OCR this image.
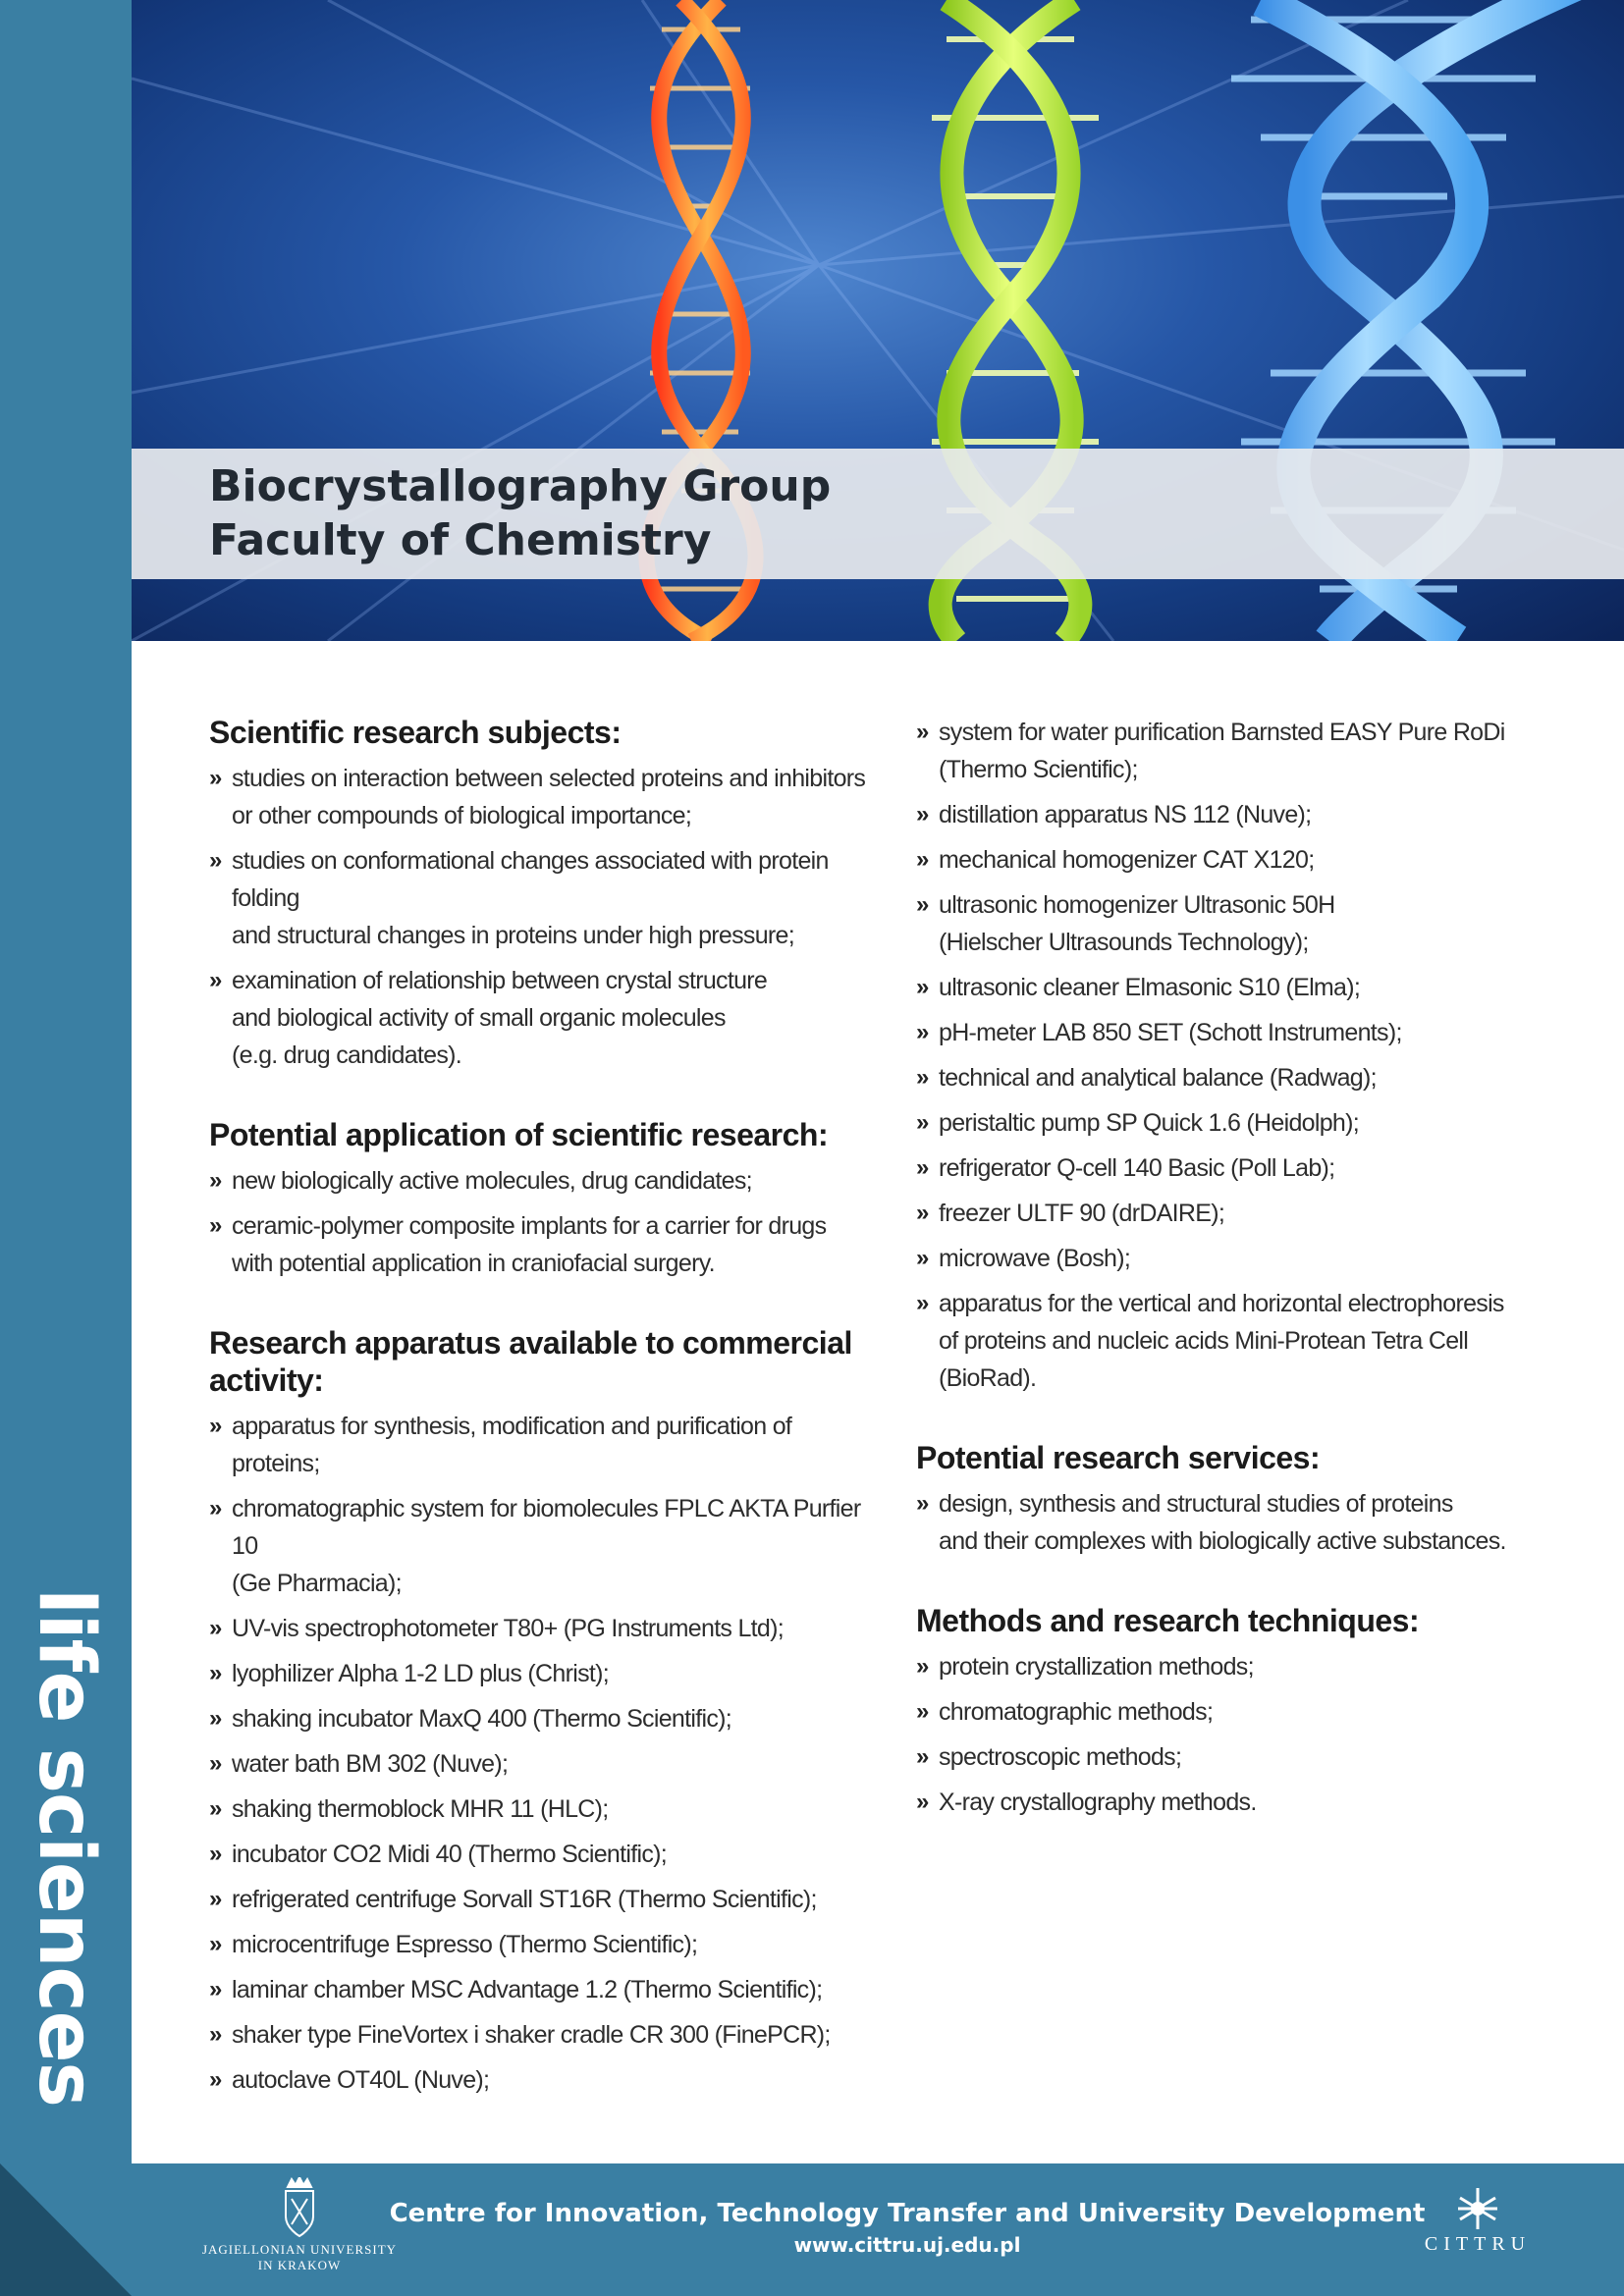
life sciences
Biocrystallography Group
Faculty of Chemistry
Scientific research subjects:
» studies on interaction between selected proteins and inhibitors
or other compounds of biological importance;
» studies on conformational changes associated with protein folding
and structural changes in proteins under high pressure;
» examination of relationship between crystal structure
and biological activity of small organic molecules
(e.g. drug candidates).
Potential application of scientific research:
» new biologically active molecules, drug candidates;
» ceramic-polymer composite implants for a carrier for drugs
with potential application in craniofacial surgery.
Research apparatus available to commercial
activity:
» apparatus for synthesis, modification and purification of proteins;
» chromatographic system for biomolecules FPLC AKTA Purfier 10
(Ge Pharmacia);
» UV-vis spectrophotometer T80+ (PG Instruments Ltd);
» lyophilizer Alpha 1-2 LD plus (Christ);
» shaking incubator MaxQ 400 (Thermo Scientific);
» water bath BM 302 (Nuve);
» shaking thermoblock MHR 11 (HLC);
» incubator CO2 Midi 40 (Thermo Scientific);
» refrigerated centrifuge Sorvall ST16R (Thermo Scientific);
» microcentrifuge Espresso (Thermo Scientific);
» laminar chamber MSC Advantage 1.2 (Thermo Scientific);
» shaker type FineVortex i shaker cradle CR 300 (FinePCR);
» autoclave OT40L (Nuve);
» system for water purification Barnsted EASY Pure RoDi
(Thermo Scientific);
» distillation apparatus NS 112 (Nuve);
» mechanical homogenizer CAT X120;
» ultrasonic homogenizer Ultrasonic 50H
(Hielscher Ultrasounds Technology);
» ultrasonic cleaner Elmasonic S10 (Elma);
» pH-meter LAB 850 SET (Schott Instruments);
» technical and analytical balance (Radwag);
» peristaltic pump SP Quick 1.6 (Heidolph);
» refrigerator Q-cell 140 Basic (Poll Lab);
» freezer ULTF 90 (drDAIRE);
» microwave (Bosh);
» apparatus for the vertical and horizontal electrophoresis
of proteins and nucleic acids Mini-Protean Tetra Cell
(BioRad).
Potential research services:
» design, synthesis and structural studies of proteins
and their complexes with biologically active substances.
Methods and research techniques:
» protein crystallization methods;
» chromatographic methods;
» spectroscopic methods;
» X-ray crystallography methods.
JAGIELLONIAN UNIVERSITY
IN KRAKOW
Centre for Innovation, Technology Transfer and University Development
www.cittru.uj.edu.pl	CITTRU
